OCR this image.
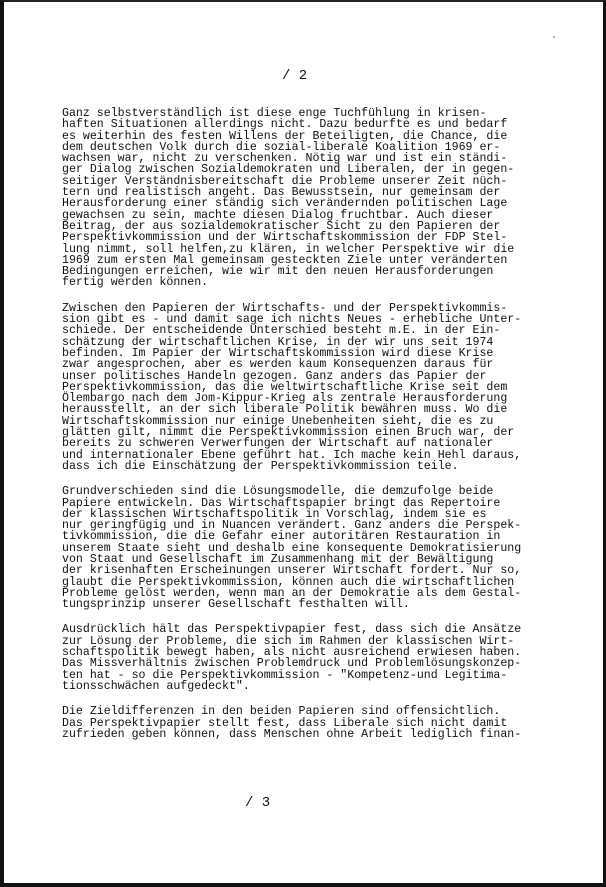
`
/ 2
Ganz selbstverständlich ist diese enge Tuchfühlung in krisen-
haften Situationen allerdings nicht. Dazu bedurfte es und bedarf
es weiterhin des festen Willens der Beteiligten, die Chance, die
dem deutschen Volk durch die sozial-liberale Koalition 1969 er-
wachsen war, nicht zu verschenken. Nötig war und ist ein ständi-
ger Dialog zwischen Sozialdemokraten und Liberalen, der in gegen-
seitiger Verständnisbereitschaft die Probleme unserer Zeit nüch-
tern und realistisch angeht. Das Bewusstsein, nur gemeinsam der
Herausforderung einer ständig sich verändernden politischen Lage
gewachsen zu sein, machte diesen Dialog fruchtbar. Auch dieser
Beitrag, der aus sozialdemokratischer Sicht zu den Papieren der
Perspektivkommission und der Wirtschaftskommission der FDP Stel-
lung nimmt, soll helfen,zu klären, in welcher Perspektive wir die
1969 zum ersten Mal gemeinsam gesteckten Ziele unter veränderten
Bedingungen erreichen, wie wir mit den neuen Herausforderungen
fertig werden können.
Zwischen den Papieren der Wirtschafts- und der Perspektivkommis-
sion gibt es - und damit sage ich nichts Neues - erhebliche Unter-
schiede. Der entscheidende Unterschied besteht m.E. in der Ein-
schätzung der wirtschaftlichen Krise, in der wir uns seit 1974
befinden. Im Papier der Wirtschaftskommission wird diese Krise
zwar angesprochen, aber es werden kaum Konsequenzen daraus für
unser politisches Handeln gezogen. Ganz anders das Papier der
Perspektivkommission, das die weltwirtschaftliche Krise seit dem
Ölembargo nach dem Jom-Kippur-Krieg als zentrale Herausforderung
herausstellt, an der sich liberale Politik bewähren muss. Wo die
Wirtschaftskommission nur einige Unebenheiten sieht, die es zu
glätten gilt, nimmt die Perspektivkommission einen Bruch war, der
bereits zu schweren Verwerfungen der Wirtschaft auf nationaler
und internationaler Ebene geführt hat. Ich mache kein Hehl daraus,
dass ich die Einschätzung der Perspektivkommission teile.
Grundverschieden sind die Lösungsmodelle, die demzufolge beide
Papiere entwickeln. Das Wirtschaftspapier bringt das Repertoire
der klassischen Wirtschaftspolitik in Vorschlag, indem sie es
nur geringfügig und in Nuancen verändert. Ganz anders die Perspek-
tivkommission, die die Gefahr einer autoritären Restauration in
unserem Staate sieht und deshalb eine konsequente Demokratisierung
von Staat und Gesellschaft im Zusammenhang mit der Bewältigung
der krisenhaften Erscheinungen unserer Wirtschaft fordert. Nur so,
glaubt die Perspektivkommission, können auch die wirtschaftlichen
Probleme gelöst werden, wenn man an der Demokratie als dem Gestal-
tungsprinzip unserer Gesellschaft festhalten will.
Ausdrücklich hält das Perspektivpapier fest, dass sich die Ansätze
zur Lösung der Probleme, die sich im Rahmen der klassischen Wirt-
schaftspolitik bewegt haben, als nicht ausreichend erwiesen haben.
Das Missverhältnis zwischen Problemdruck und Problemlösungskonzep-
ten hat - so die Perspektivkommission - "Kompetenz-und Legitima-
tionsschwächen aufgedeckt".
Die Zieldifferenzen in den beiden Papieren sind offensichtlich.
Das Perspektivpapier stellt fest, dass Liberale sich nicht damit
zufrieden geben können, dass Menschen ohne Arbeit lediglich finan-
/ 3
